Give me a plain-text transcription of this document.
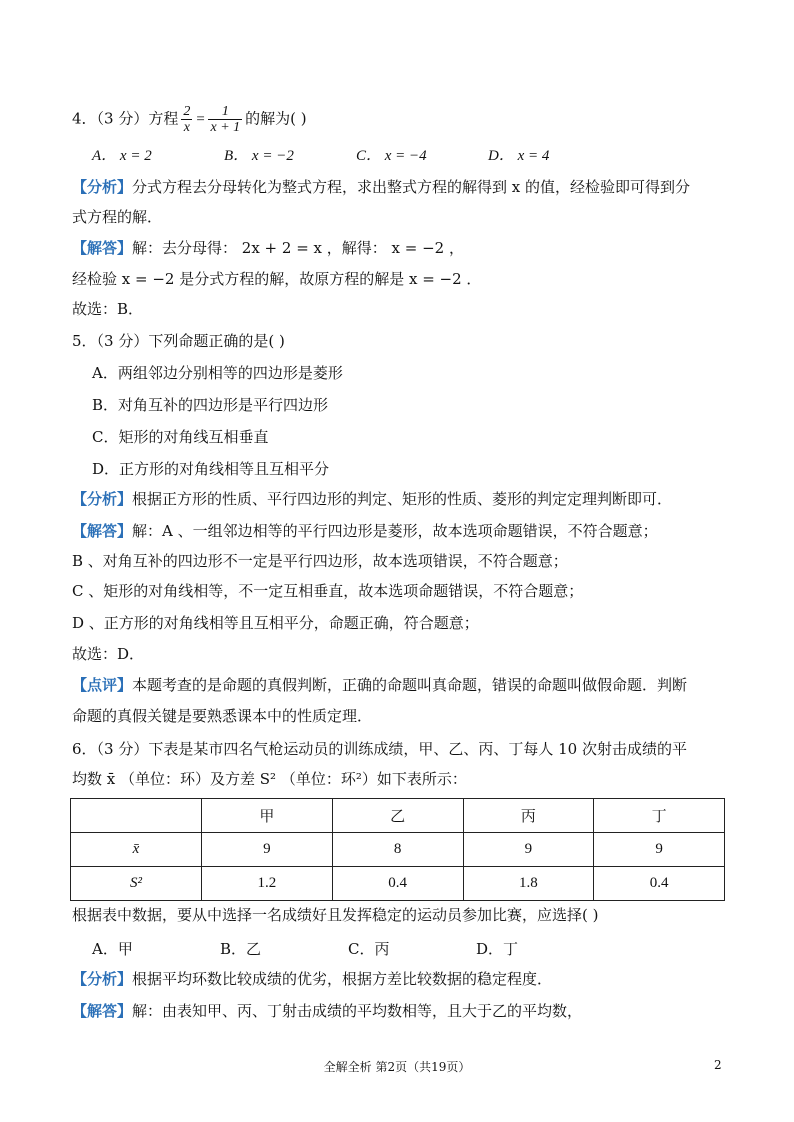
4．（3 分）方程 $\frac{2}{x} = \frac{1}{x + 1}$ 的解为( )
A． x = 2	B． x = −2	C． x = −4	D． x = 4
【分析】分式方程去分母转化为整式方程，求出整式方程的解得到 x 的值，经检验即可得到分
式方程的解．
【解答】解：去分母得： 2x + 2 = x ，解得： x = −2 ，
经检验 x = −2 是分式方程的解，故原方程的解是 x = −2 ．
故选：B．
5．（3 分）下列命题正确的是( )
A．两组邻边分别相等的四边形是菱形
B．对角互补的四边形是平行四边形
C．矩形的对角线互相垂直
D．正方形的对角线相等且互相平分
【分析】根据正方形的性质、平行四边形的判定、矩形的性质、菱形的判定定理判断即可．
【解答】解：A 、一组邻边相等的平行四边形是菱形，故本选项命题错误，不符合题意；
B 、对角互补的四边形不一定是平行四边形，故本选项错误，不符合题意；
C 、矩形的对角线相等，不一定互相垂直，故本选项命题错误，不符合题意；
D 、正方形的对角线相等且互相平分，命题正确，符合题意；
故选：D．
【点评】本题考查的是命题的真假判断，正确的命题叫真命题，错误的命题叫做假命题．判断
命题的真假关键是要熟悉课本中的性质定理．
6．（3 分）下表是某市四名气枪运动员的训练成绩，甲、乙、丙、丁每人 10 次射击成绩的平
均数 x̄ （单位：环）及方差 S² （单位：环²）如下表所示：
	甲	乙	丙	丁
x̄	9	8	9	9
S²	1.2	0.4	1.8	0.4
根据表中数据，要从中选择一名成绩好且发挥稳定的运动员参加比赛，应选择( )
A．甲	B．乙	C．丙	D．丁
【分析】根据平均环数比较成绩的优劣，根据方差比较数据的稳定程度．
【解答】解：由表知甲、丙、丁射击成绩的平均数相等，且大于乙的平均数，
全解全析 第2页（共19页）	2
